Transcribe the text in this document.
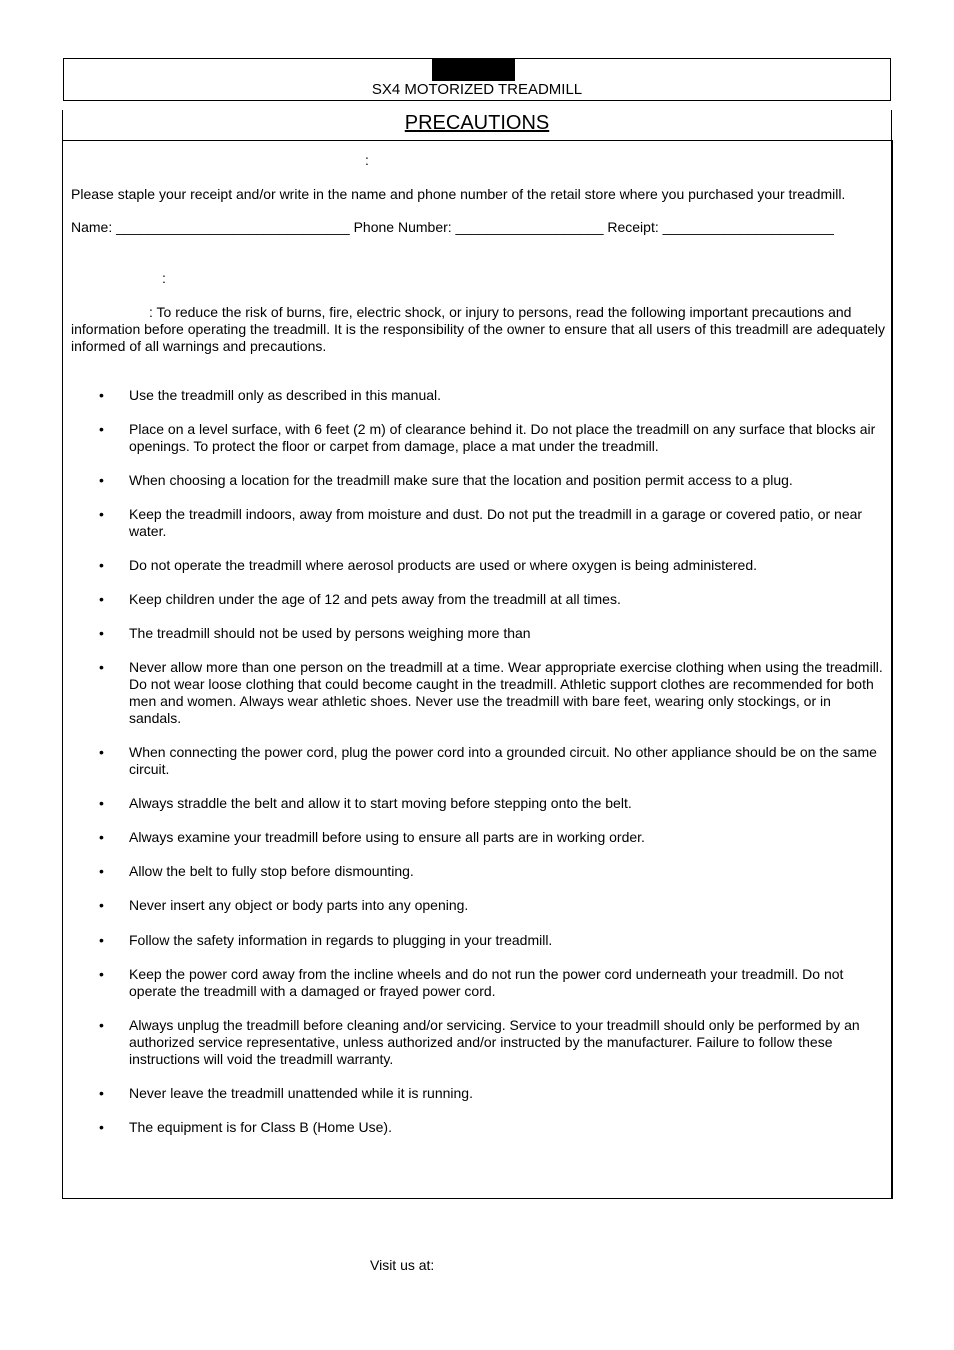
SX4 MOTORIZED TREADMILL
PRECAUTIONS
:
Please staple your receipt and/or write in the name and phone number of the retail store where you purchased your treadmill.
Name: ______________________________ Phone Number: ___________________ Receipt: ______________________
:
: To reduce the risk of burns, fire, electric shock, or injury to persons, read the following important precautions and information before operating the treadmill. It is the responsibility of the owner to ensure that all users of this treadmill are adequately informed of all warnings and precautions.
• Use the treadmill only as described in this manual.
• Place on a level surface, with 6 feet (2 m) of clearance behind it. Do not place the treadmill on any surface that blocks air openings. To protect the floor or carpet from damage, place a mat under the treadmill.
• When choosing a location for the treadmill make sure that the location and position permit access to a plug.
• Keep the treadmill indoors, away from moisture and dust. Do not put the treadmill in a garage or covered patio, or near water.
• Do not operate the treadmill where aerosol products are used or where oxygen is being administered.
• Keep children under the age of 12 and pets away from the treadmill at all times.
• The treadmill should not be used by persons weighing more than
• Never allow more than one person on the treadmill at a time. Wear appropriate exercise clothing when using the treadmill. Do not wear loose clothing that could become caught in the treadmill. Athletic support clothes are recommended for both men and women. Always wear athletic shoes. Never use the treadmill with bare feet, wearing only stockings, or in sandals.
• When connecting the power cord, plug the power cord into a grounded circuit. No other appliance should be on the same circuit.
• Always straddle the belt and allow it to start moving before stepping onto the belt.
• Always examine your treadmill before using to ensure all parts are in working order.
• Allow the belt to fully stop before dismounting.
• Never insert any object or body parts into any opening.
• Follow the safety information in regards to plugging in your treadmill.
• Keep the power cord away from the incline wheels and do not run the power cord underneath your treadmill. Do not operate the treadmill with a damaged or frayed power cord.
• Always unplug the treadmill before cleaning and/or servicing. Service to your treadmill should only be performed by an authorized service representative, unless authorized and/or instructed by the manufacturer. Failure to follow these instructions will void the treadmill warranty.
• Never leave the treadmill unattended while it is running.
• The equipment is for Class B (Home Use).
Visit us at:
